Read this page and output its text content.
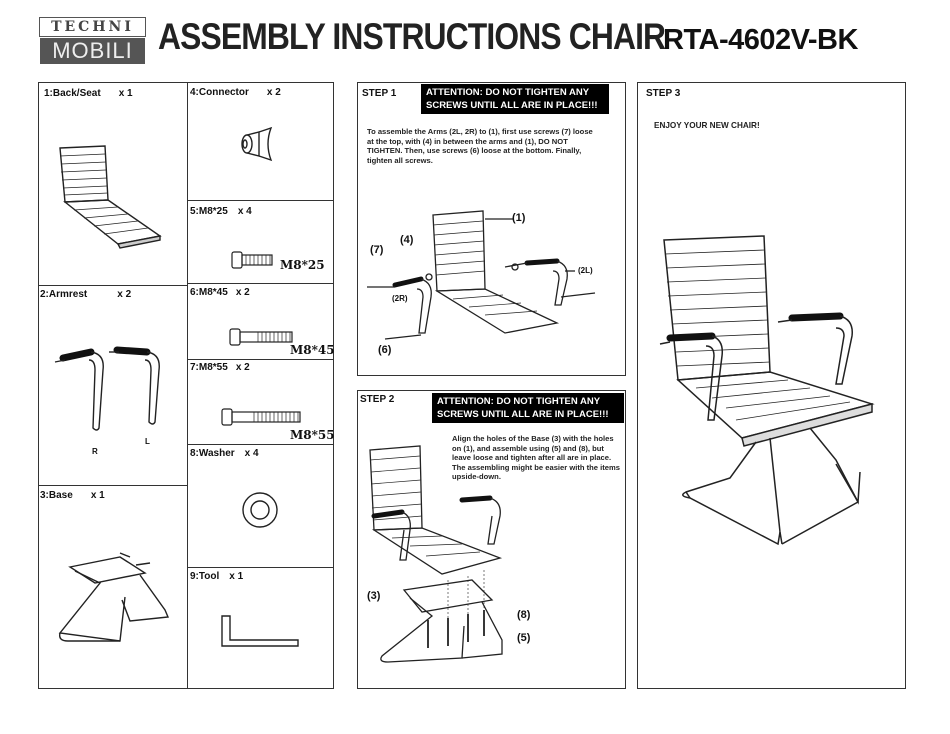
TECHNI
MOBILI ASSEMBLY INSTRUCTIONS CHAIR
RTA-4602V-BK
1:Back/Seat x 1
2:Armrest	x 2
3:Base x 1
4:Connector x 2
5:M8*25 x 4
6:M8*45 x 2
7:M8*55 x 2
8:Washer x 4
9:Tool x 1
R
L
M8*25
M8*45
M8*55
STEP 1	ATTENTION: DO NOT TIGHTEN ANY SCREWS UNTIL ALL ARE IN PLACE!!!
To assemble the Arms (2L, 2R) to (1), first use screws (7) loose at the top, with (4) in between the arms and (1), DO NOT TIGHTEN. Then, use screws (6) loose at the bottom. Finally, tighten all screws.
(1)
(4)
(7)
(2R)
(2L)
(6)
STEP 2	ATTENTION: DO NOT TIGHTEN ANY SCREWS UNTIL ALL ARE IN PLACE!!!
Align the holes of the Base (3) with the holes on (1), and assemble using (5) and (8), but leave loose and tighten after all are in place. The assembling might be easier with the items upside-down.
(3)
(8)
(5)
STEP 3
ENJOY YOUR NEW CHAIR!
